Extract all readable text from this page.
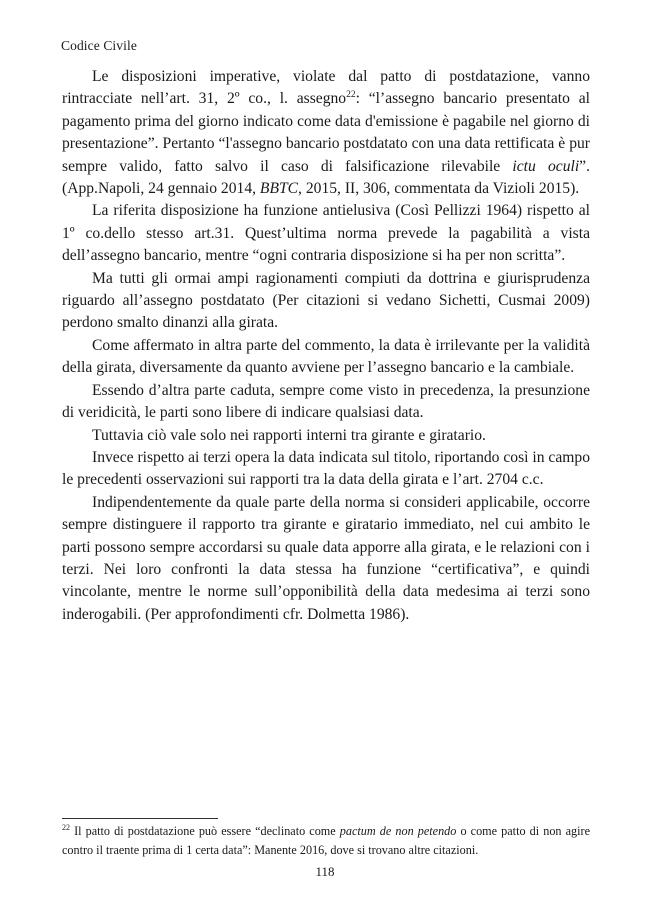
Codice Civile

Le disposizioni imperative, violate dal patto di postdatazione, vanno rintracciate nell’art. 31, 2º co., l. assegno$^{22}$: “l’assegno bancario presentato al pagamento prima del giorno indicato come data d'emissione è pagabile nel giorno di presentazione”. Pertanto “l'assegno bancario postdatato con una data rettificata è pur sempre valido, fatto salvo il caso di falsificazione rilevabile ictu oculi”. (App.Napoli, 24 gennaio 2014, BBTC, 2015, II, 306, commentata da Vizioli 2015).

La riferita disposizione ha funzione antielusiva (Così Pellizzi 1964) rispetto al 1º co.dello stesso art.31. Quest’ultima norma prevede la pagabilità a vista dell’assegno bancario, mentre “ogni contraria disposizione si ha per non scritta”.

Ma tutti gli ormai ampi ragionamenti compiuti da dottrina e giurisprudenza riguardo all’assegno postdatato (Per citazioni si vedano Sichetti, Cusmai 2009) perdono smalto dinanzi alla girata.

Come affermato in altra parte del commento, la data è irrilevante per la validità della girata, diversamente da quanto avviene per l’assegno bancario e la cambiale.

Essendo d’altra parte caduta, sempre come visto in precedenza, la presunzione di veridicità, le parti sono libere di indicare qualsiasi data.

Tuttavia ciò vale solo nei rapporti interni tra girante e giratario.

Invece rispetto ai terzi opera la data indicata sul titolo, riportando così in campo le precedenti osservazioni sui rapporti tra la data della girata e l’art. 2704 c.c.

Indipendentemente da quale parte della norma si consideri applicabile, occorre sempre distinguere il rapporto tra girante e giratario immediato, nel cui ambito le parti possono sempre accordarsi su quale data apporre alla girata, e le relazioni con i terzi. Nei loro confronti la data stessa ha funzione “certificativa”, e quindi vincolante, mentre le norme sull’opponibilità della data medesima ai terzi sono inderogabili. (Per approfondimenti cfr. Dolmetta 1986).

$^{22}$ Il patto di postdatazione può essere “declinato come pactum de non petendo o come patto di non agire contro il traente prima di 1 certa data”: Manente 2016, dove si trovano altre citazioni.
118
